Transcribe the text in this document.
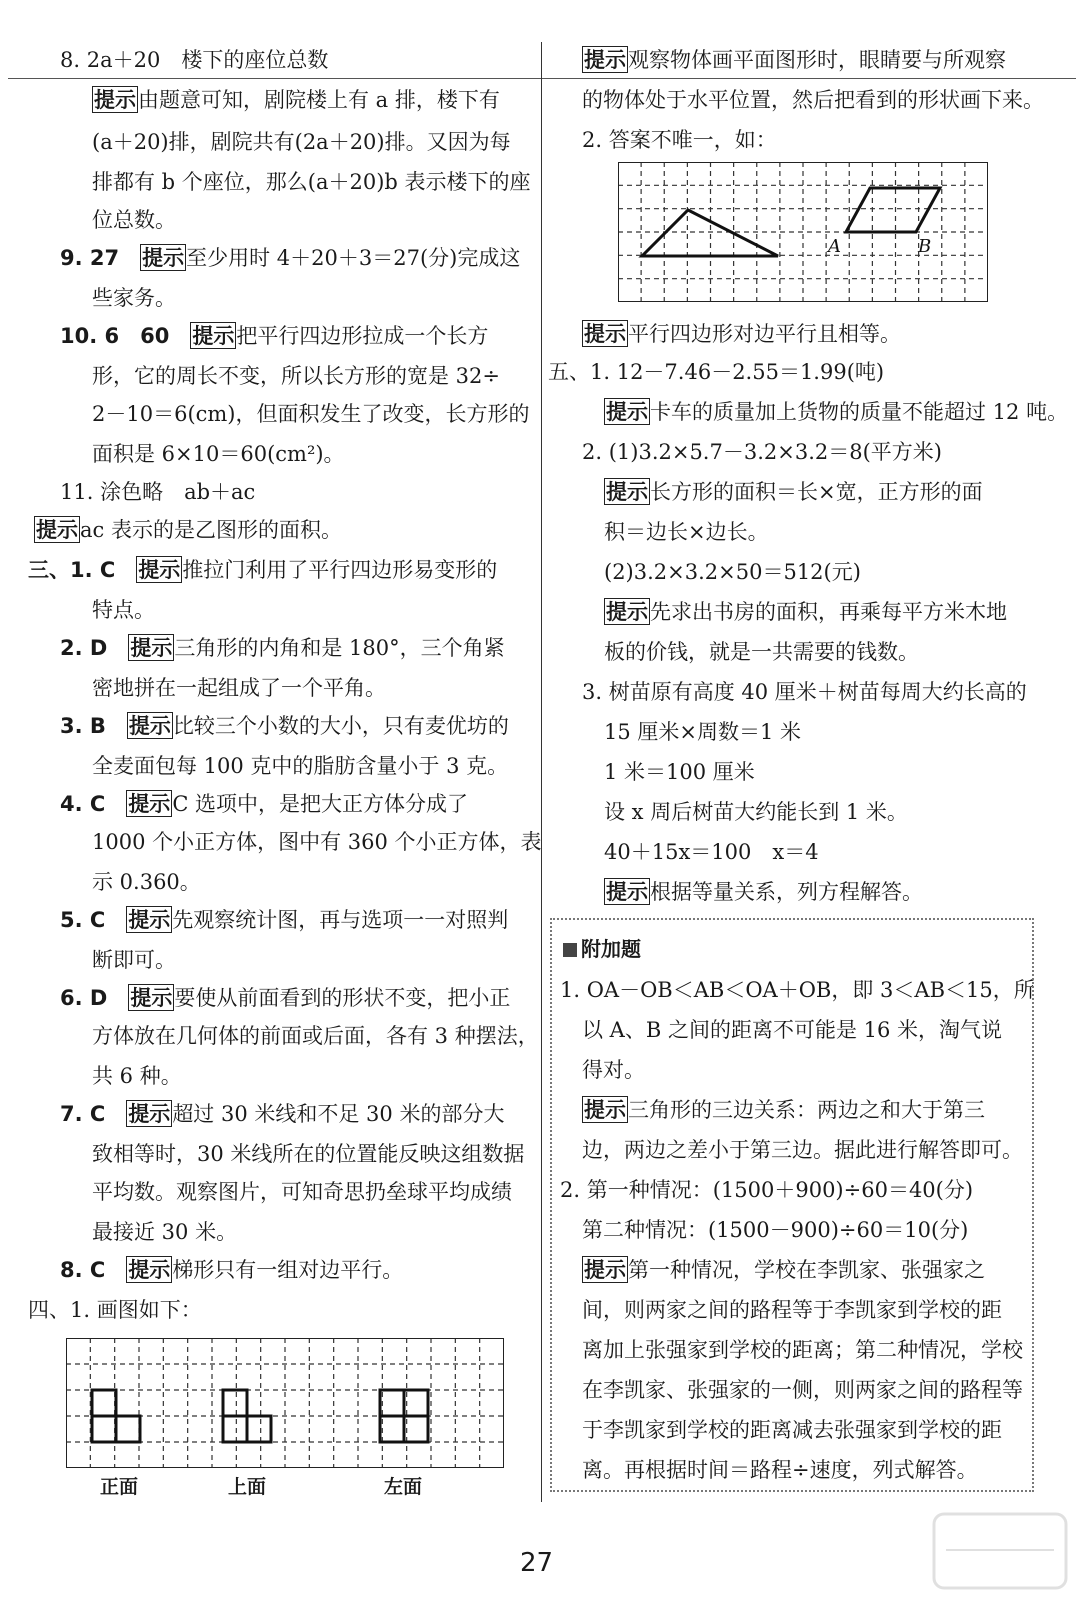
8. 2a＋20　楼下的座位总数
提示由题意可知，剧院楼上有 a 排，楼下有
(a＋20)排，剧院共有(2a＋20)排。又因为每
排都有 b 个座位，那么(a＋20)b 表示楼下的座
位总数。
9. 27　提示至少用时 4＋20＋3＝27(分)完成这
些家务。
10. 6　60　提示把平行四边形拉成一个长方
形，它的周长不变，所以长方形的宽是 32÷
2－10＝6(cm)，但面积发生了改变，长方形的
面积是 6×10＝60(cm²)。
11. 涂色略　ab＋ac
提示ac 表示的是乙图形的面积。
三、1. C　提示推拉门利用了平行四边形易变形的
特点。
2. D　提示三角形的内角和是 180°，三个角紧
密地拼在一起组成了一个平角。
3. B　提示比较三个小数的大小，只有麦优坊的
全麦面包每 100 克中的脂肪含量小于 3 克。
4. C　提示C 选项中，是把大正方体分成了
1000 个小正方体，图中有 360 个小正方体，表
示 0.360。
5. C　提示先观察统计图，再与选项一一对照判
断即可。
6. D　提示要使从前面看到的形状不变，把小正
方体放在几何体的前面或后面，各有 3 种摆法，
共 6 种。
7. C　提示超过 30 米线和不足 30 米的部分大
致相等时，30 米线所在的位置能反映这组数据
平均数。观察图片，可知奇思扔垒球平均成绩
最接近 30 米。
8. C　提示梯形只有一组对边平行。
四、1. 画图如下：
提示观察物体画平面图形时，眼睛要与所观察
的物体处于水平位置，然后把看到的形状画下来。
2. 答案不唯一，如：
提示平行四边形对边平行且相等。
五、1. 12－7.46－2.55＝1.99(吨)
提示卡车的质量加上货物的质量不能超过 12 吨。
2. (1)3.2×5.7－3.2×3.2＝8(平方米)
提示长方形的面积＝长×宽，正方形的面
积＝边长×边长。
(2)3.2×3.2×50＝512(元)
提示先求出书房的面积，再乘每平方米木地
板的价钱，就是一共需要的钱数。
3. 树苗原有高度 40 厘米＋树苗每周大约长高的
15 厘米×周数＝1 米
1 米＝100 厘米
设 x 周后树苗大约能长到 1 米。
40＋15x＝100　x＝4
提示根据等量关系，列方程解答。
1. OA－OB＜AB＜OA＋OB，即 3＜AB＜15，所
以 A、B 之间的距离不可能是 16 米，淘气说
得对。
提示三角形的三边关系：两边之和大于第三
边，两边之差小于第三边。据此进行解答即可。
2. 第一种情况：(1500＋900)÷60＝40(分)
第二种情况：(1500－900)÷60＝10(分)
提示第一种情况，学校在李凯家、张强家之
间，则两家之间的路程等于李凯家到学校的距
离加上张强家到学校的距离；第二种情况，学校
在李凯家、张强家的一侧，则两家之间的路程等
于李凯家到学校的距离减去张强家到学校的距
离。再根据时间＝路程÷速度，列式解答。
正面	上面	左面
A	B
附加题
27
